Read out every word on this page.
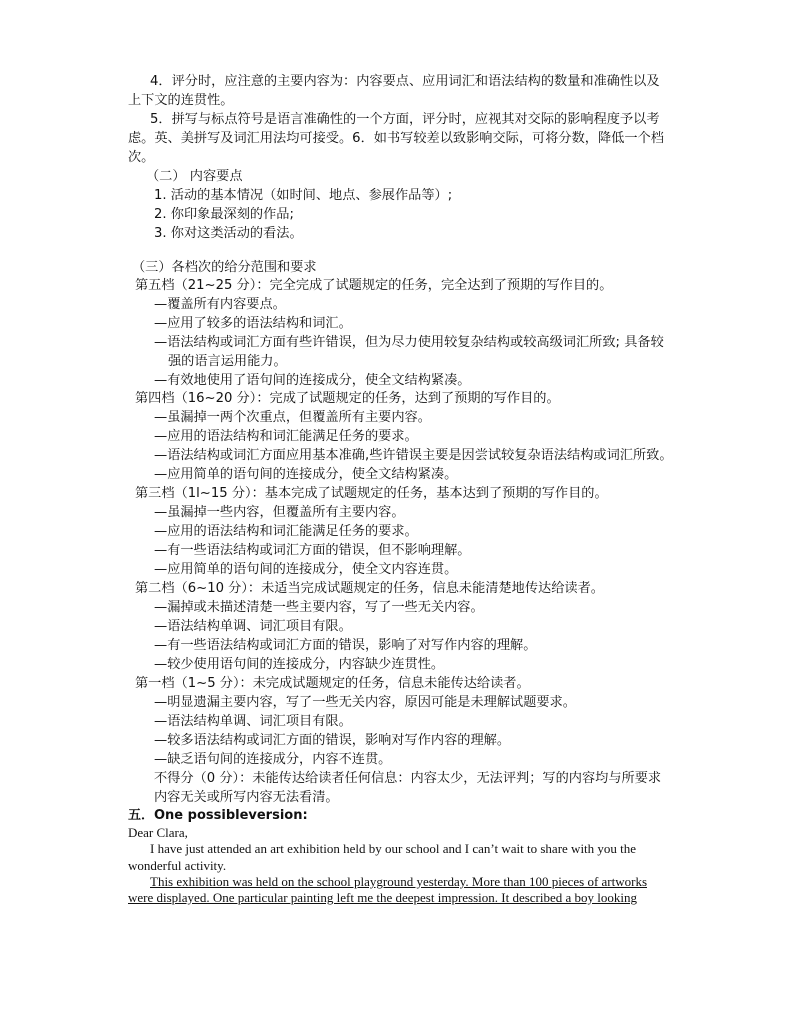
4．评分时，应注意的主要内容为：内容要点、应用词汇和语法结构的数量和准确性以及
上下文的连贯性。
5．拼写与标点符号是语言准确性的一个方面，评分时，应视其对交际的影响程度予以考
虑。英、美拼写及词汇用法均可接受。6．如书写较差以致影响交际，可将分数，降低一个档
次。
（二） 内容要点
1. 活动的基本情况（如时间、地点、参展作品等）;
2. 你印象最深刻的作品;
3. 你对这类活动的看法。
（三）各档次的给分范围和要求
第五档（21~25 分）：完全完成了试题规定的任务，完全达到了预期的写作目的。
—覆盖所有内容要点。
—应用了较多的语法结构和词汇。
—语法结构或词汇方面有些许错误，但为尽力使用较复杂结构或较高级词汇所致; 具备较
强的语言运用能力。
—有效地使用了语句间的连接成分，使全文结构紧凑。
第四档（16~20 分）：完成了试题规定的任务，达到了预期的写作目的。
—虽漏掉一两个次重点，但覆盖所有主要内容。
—应用的语法结构和词汇能满足任务的要求。
—语法结构或词汇方面应用基本准确,些许错误主要是因尝试较复杂语法结构或词汇所致。
—应用简单的语句间的连接成分，使全文结构紧凑。
第三档（1l~15 分）：基本完成了试题规定的任务，基本达到了预期的写作目的。
—虽漏掉一些内容，但覆盖所有主要内容。
—应用的语法结构和词汇能满足任务的要求。
—有一些语法结构或词汇方面的错误，但不影响理解。
—应用简单的语句间的连接成分，使全文内容连贯。
第二档（6~10 分）：未适当完成试题规定的任务，信息未能清楚地传达给读者。
—漏掉或未描述清楚一些主要内容，写了一些无关内容。
—语法结构单调、词汇项目有限。
—有一些语法结构或词汇方面的错误，影响了对写作内容的理解。
—较少使用语句间的连接成分，内容缺少连贯性。
第一档（1~5 分）：未完成试题规定的任务，信息未能传达给读者。
—明显遗漏主要内容，写了一些无关内容，原因可能是未理解试题要求。
—语法结构单调、词汇项目有限。
—较多语法结构或词汇方面的错误，影响对写作内容的理解。
—缺乏语句间的连接成分，内容不连贯。
不得分（0 分）：未能传达给读者任何信息：内容太少，无法评判；写的内容均与所要求
内容无关或所写内容无法看清。
五．One possibleversion:
Dear Clara,
I have just attended an art exhibition held by our school and I can’t wait to share with you the
wonderful activity.
This exhibition was held on the school playground yesterday. More than 100 pieces of artworks
were displayed. One particular painting left me the deepest impression. It described a boy looking
